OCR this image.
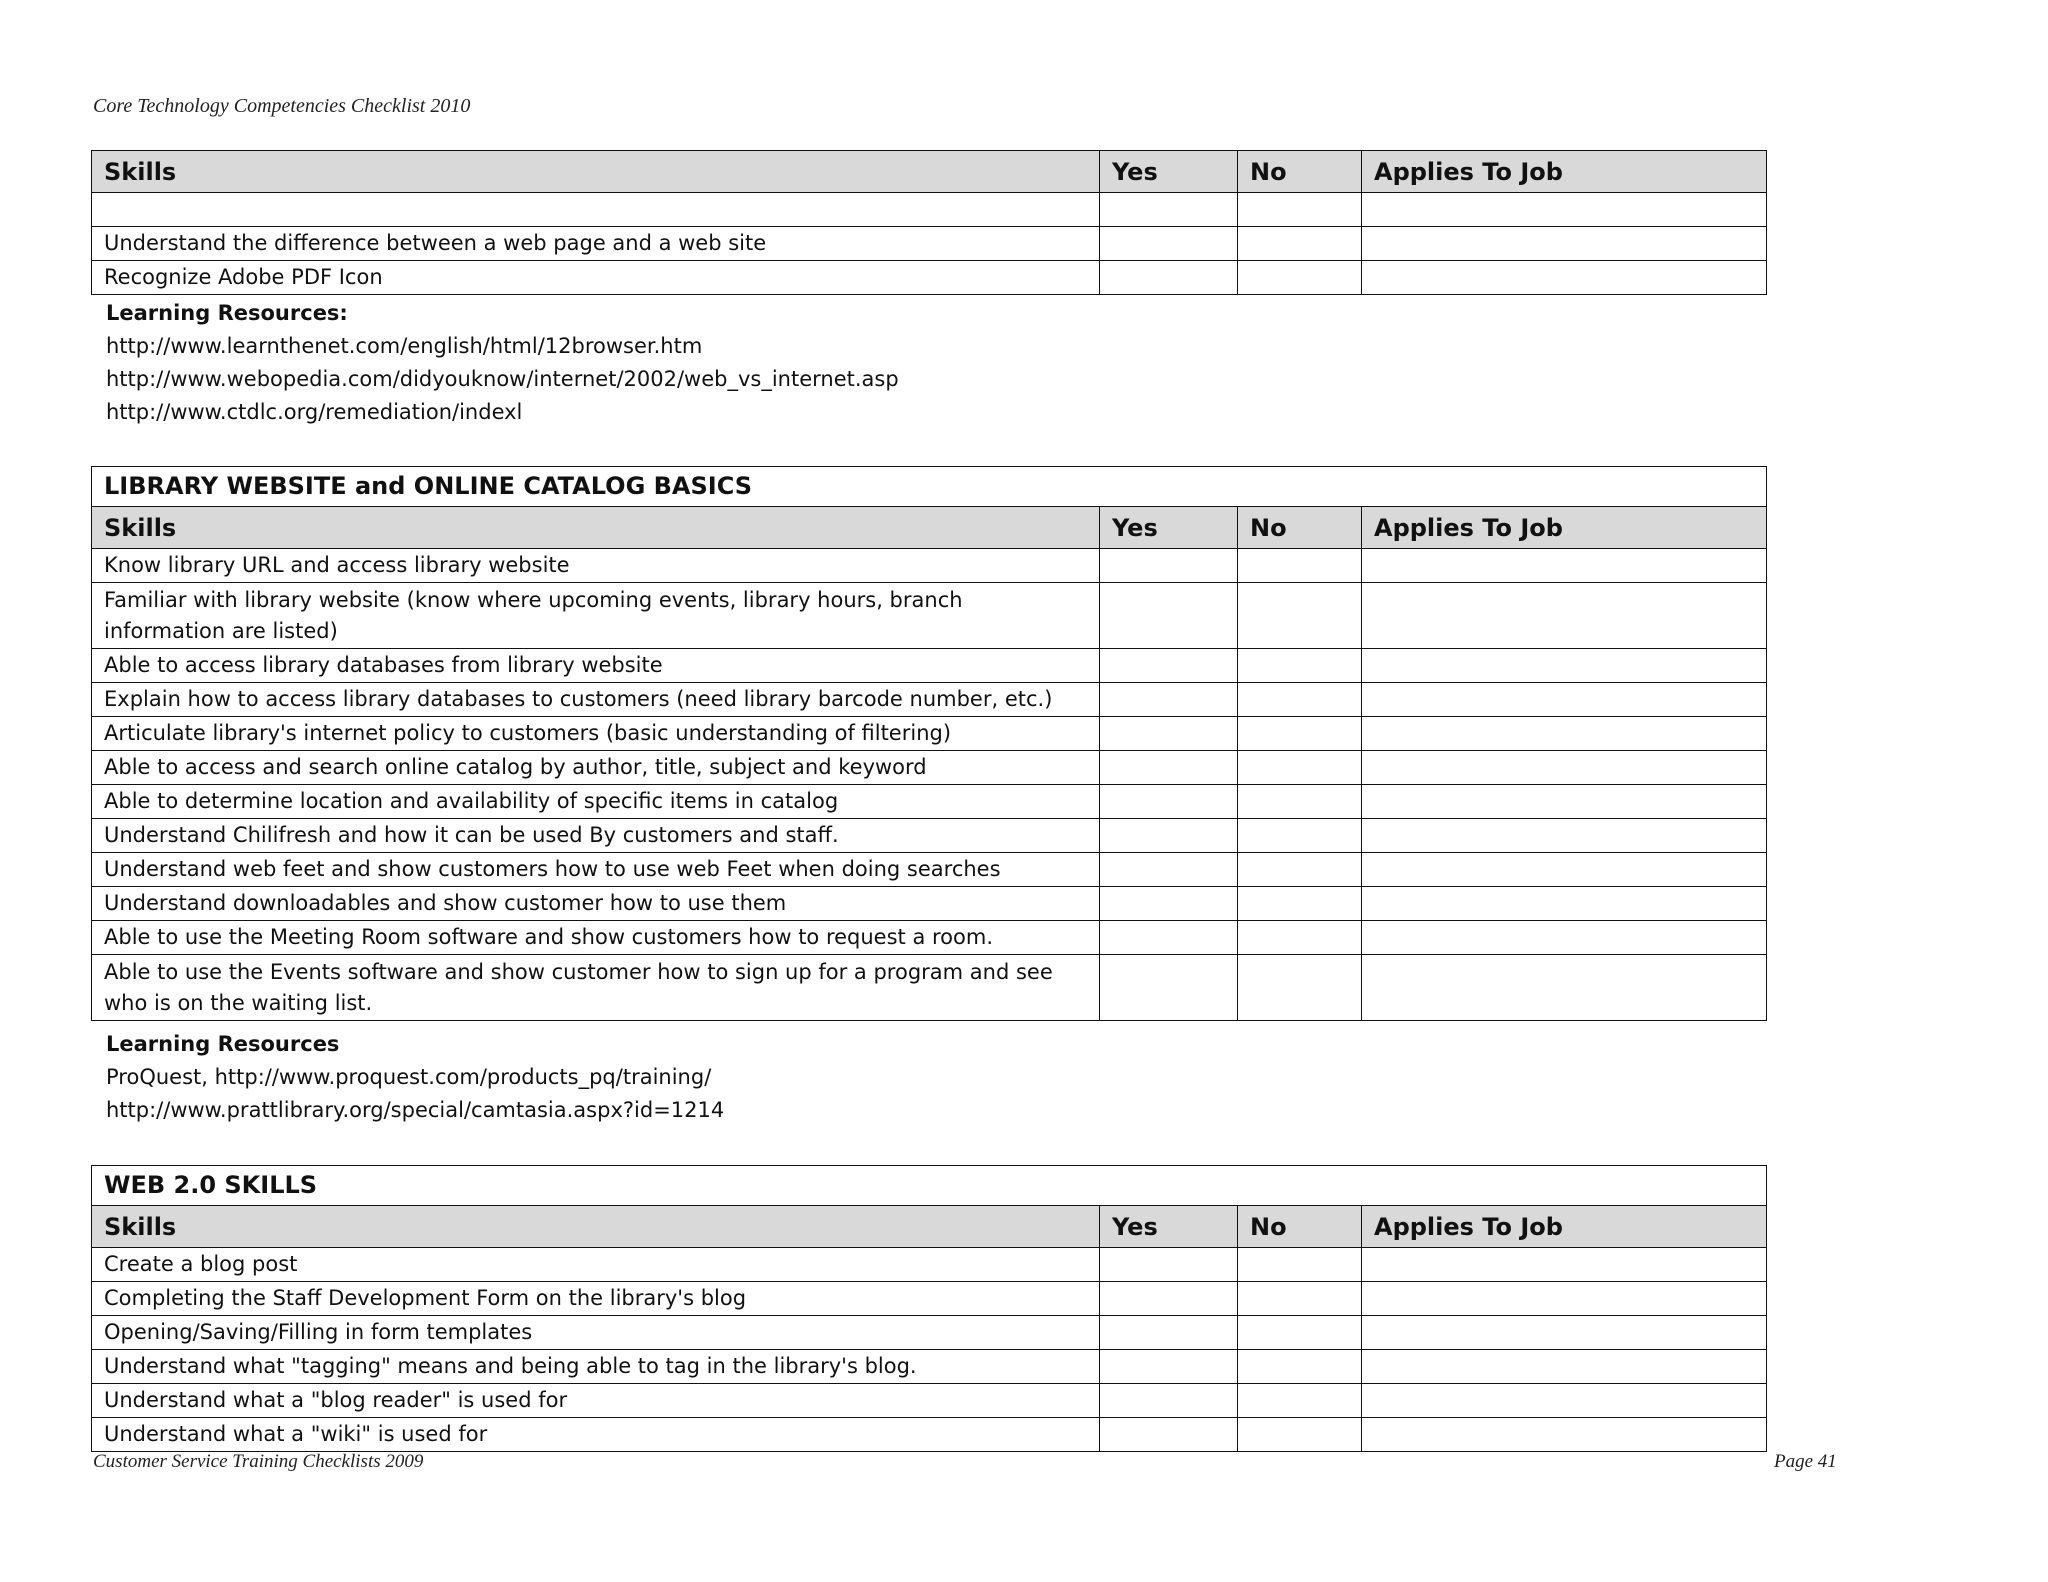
Core Technology Competencies Checklist 2010
Skills	Yes	No	Applies To Job

Understand the difference between a web page and a web site			
Recognize Adobe PDF Icon			
Learning Resources:
http://www.learnthenet.com/english/html/12browser.htm
http://www.webopedia.com/didyouknow/internet/2002/web_vs_internet.asp
http://www.ctdlc.org/remediation/indexl
LIBRARY WEBSITE and ONLINE CATALOG BASICS			
Skills	Yes	No	Applies To Job
Know library URL and access library website			
Familiar with library website (know where upcoming events, library hours, branch information are listed)			
Able to access library databases from library website			
Explain how to access library databases to customers (need library barcode number, etc.)			
Articulate library's internet policy to customers (basic understanding of filtering)			
Able to access and search online catalog by author, title, subject and keyword			
Able to determine location and availability of specific items in catalog			
Understand Chilifresh and how it can be used By customers and staff.			
Understand web feet and show customers how to use web Feet when doing searches			
Understand downloadables and show customer how to use them			
Able to use the Meeting Room software and show customers how to request a room.			
Able to use the Events software and show customer how to sign up for a program and see who is on the waiting list.			
Learning Resources
ProQuest, http://www.proquest.com/products_pq/training/
http://www.prattlibrary.org/special/camtasia.aspx?id=1214
WEB 2.0 SKILLS			
Skills	Yes	No	Applies To Job
Create a blog post			
Completing the Staff Development Form on the library's blog			
Opening/Saving/Filling in form templates			
Understand what "tagging" means and being able to tag in the library's blog.			
Understand what a "blog reader" is used for			
Understand what a "wiki" is used for			
Customer Service Training Checklists 2009	Page 41
